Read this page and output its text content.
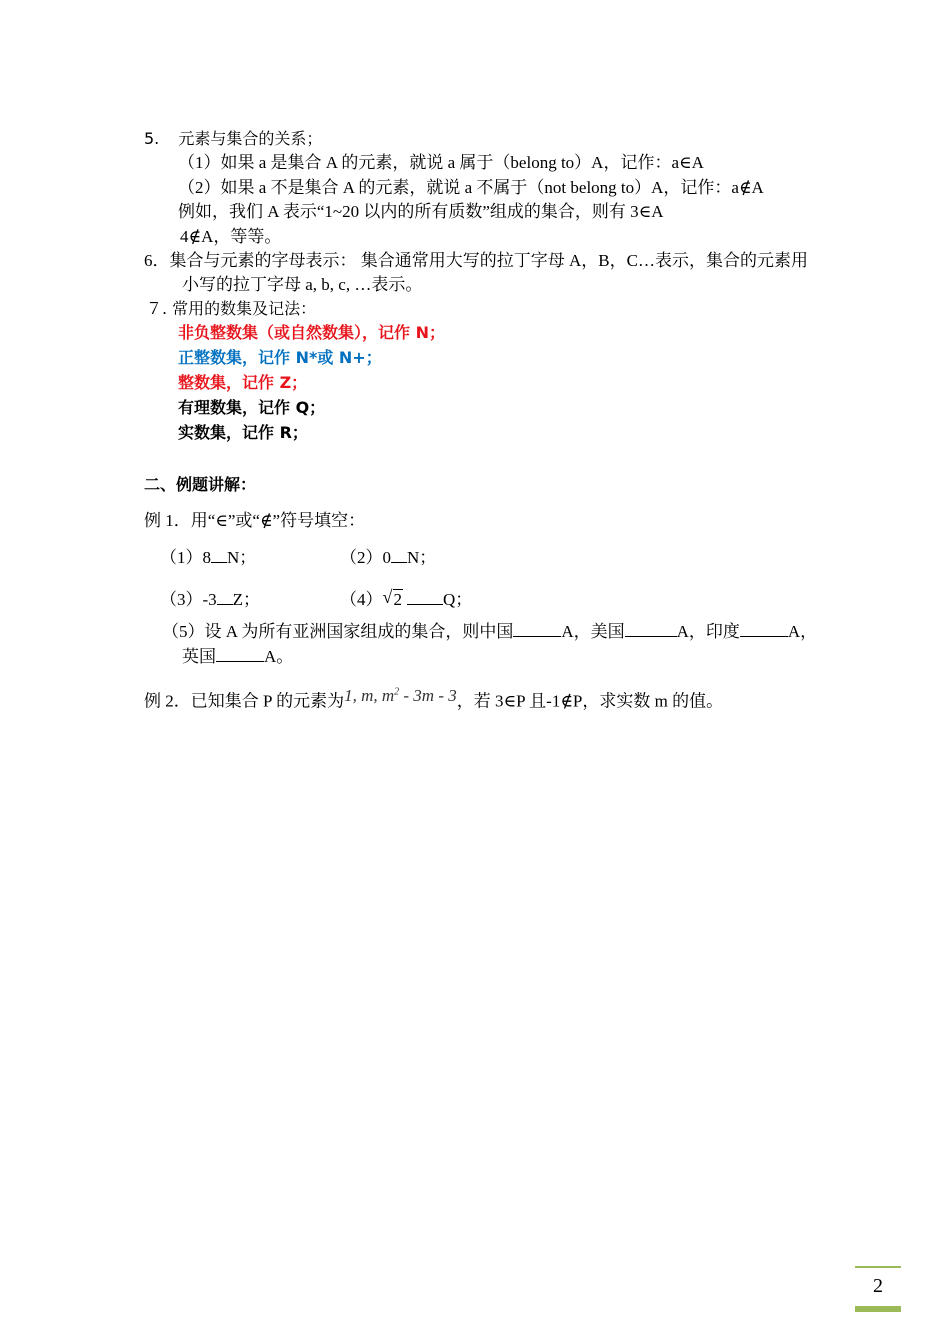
5. 元素与集合的关系；
（1）如果 a 是集合 A 的元素，就说 a 属于（belong to）A，记作：a∈A
（2）如果 a 不是集合 A 的元素，就说 a 不属于（not belong to）A，记作：a∉A
例如，我们 A 表示“1~20 以内的所有质数”组成的集合，则有 3∈A
4∉A，等等。
6．集合与元素的字母表示： 集合通常用大写的拉丁字母 A，B，C…表示，集合的元素用
小写的拉丁字母 a, b, c, …表示。
７. 常用的数集及记法：
非负整数集（或自然数集），记作 N；
正整数集，记作 N*或 N+；
整数集，记作 Z；
有理数集，记作 Q；
实数集，记作 R；
二、例题讲解：
例 1．用“∈”或“∉”符号填空：
（1）8 N；	（2）0 N；
（3）-3 Z；	（4） √ 2 Q；
（5）设 A 为所有亚洲国家组成的集合，则中国	A，美国	A，印度	A，
英国	A。
例 2．已知集合 P 的元素为1, m, $m^2 - 3m - 3$，若 3∈P 且-1∉P，求实数 m 的值。
2
